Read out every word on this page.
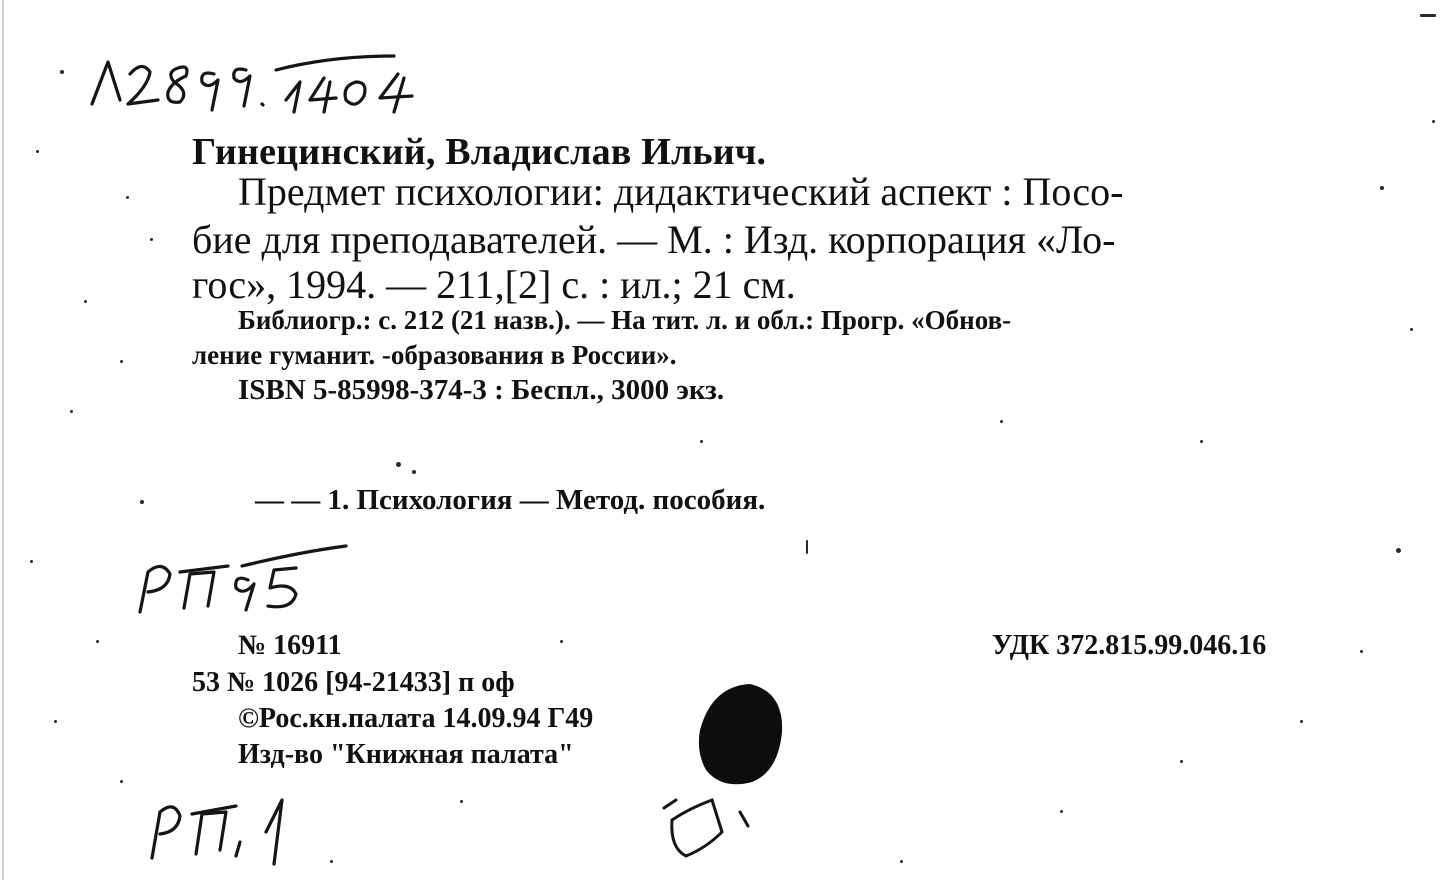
Гинецинский, Владислав Ильич.
Предмет психологии: дидактический аспект : Посо-
бие для преподавателей. — М. : Изд. корпорация «Ло-
гос», 1994. — 211,[2] с. : ил.; 21 см.
Библиогр.: с. 212 (21 назв.). — На тит. л. и обл.: Прогр. «Обнов-
ление гуманит. -образования в России».
ISBN 5-85998-374-3 : Беспл., 3000 экз.
— — 1. Психология — Метод. пособия.
№ 16911
53 № 1026 [94-21433] п оф
©Рос.кн.палата 14.09.94 Г49
Изд-во "Книжная палата"
УДК 372.815.99.046.16
